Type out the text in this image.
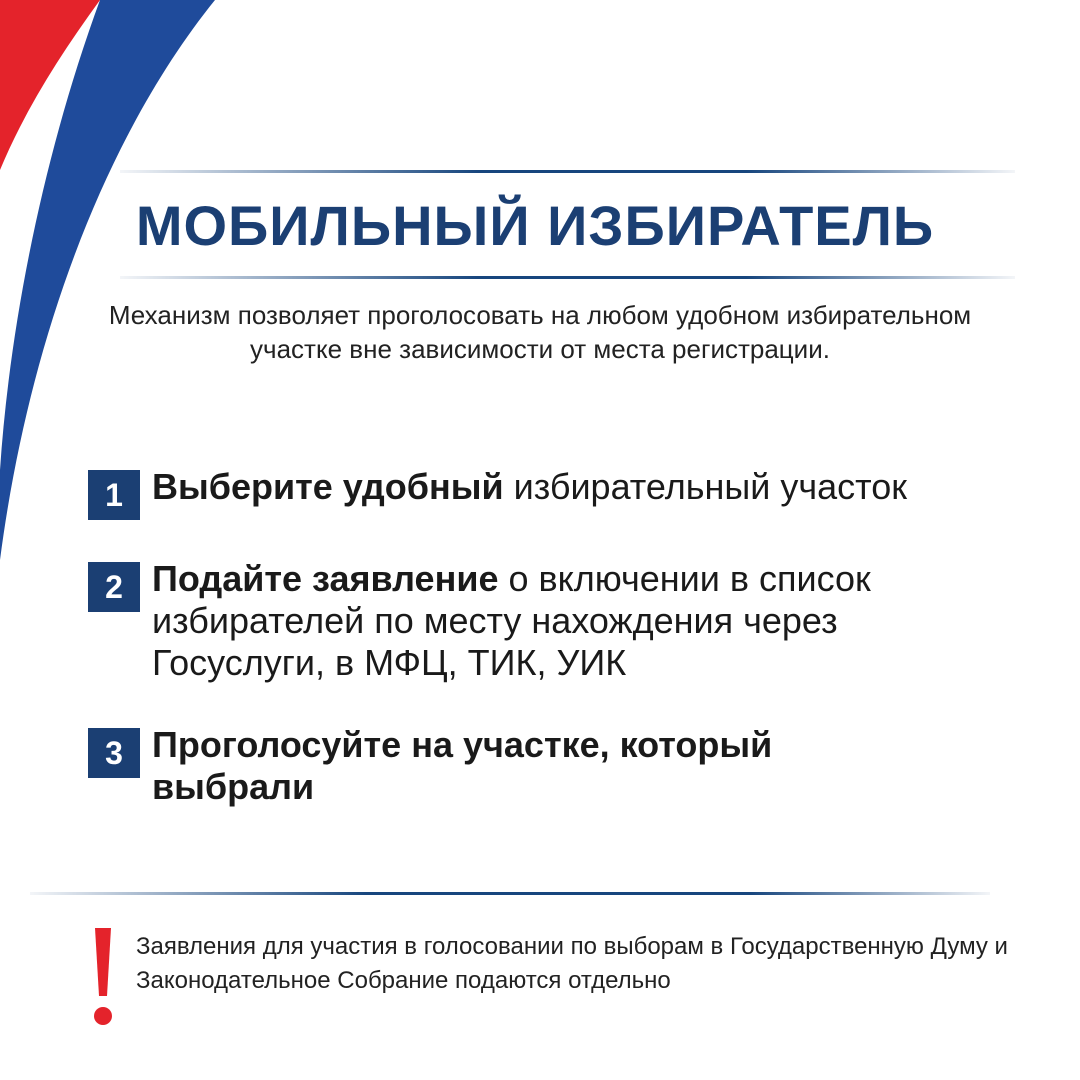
МОБИЛЬНЫЙ ИЗБИРАТЕЛЬ

Механизм позволяет проголосовать на любом удобном избирательном участке вне зависимости от места регистрации.

1 Выберите удобный избирательный участок

2 Подайте заявление о включении в список избирателей по месту нахождения через Госуслуги, в МФЦ, ТИК, УИК

3 Проголосуйте на участке, который выбрали

Заявления для участия в голосовании по выборам в Государственную Думу и Законодательное Собрание подаются отдельно
